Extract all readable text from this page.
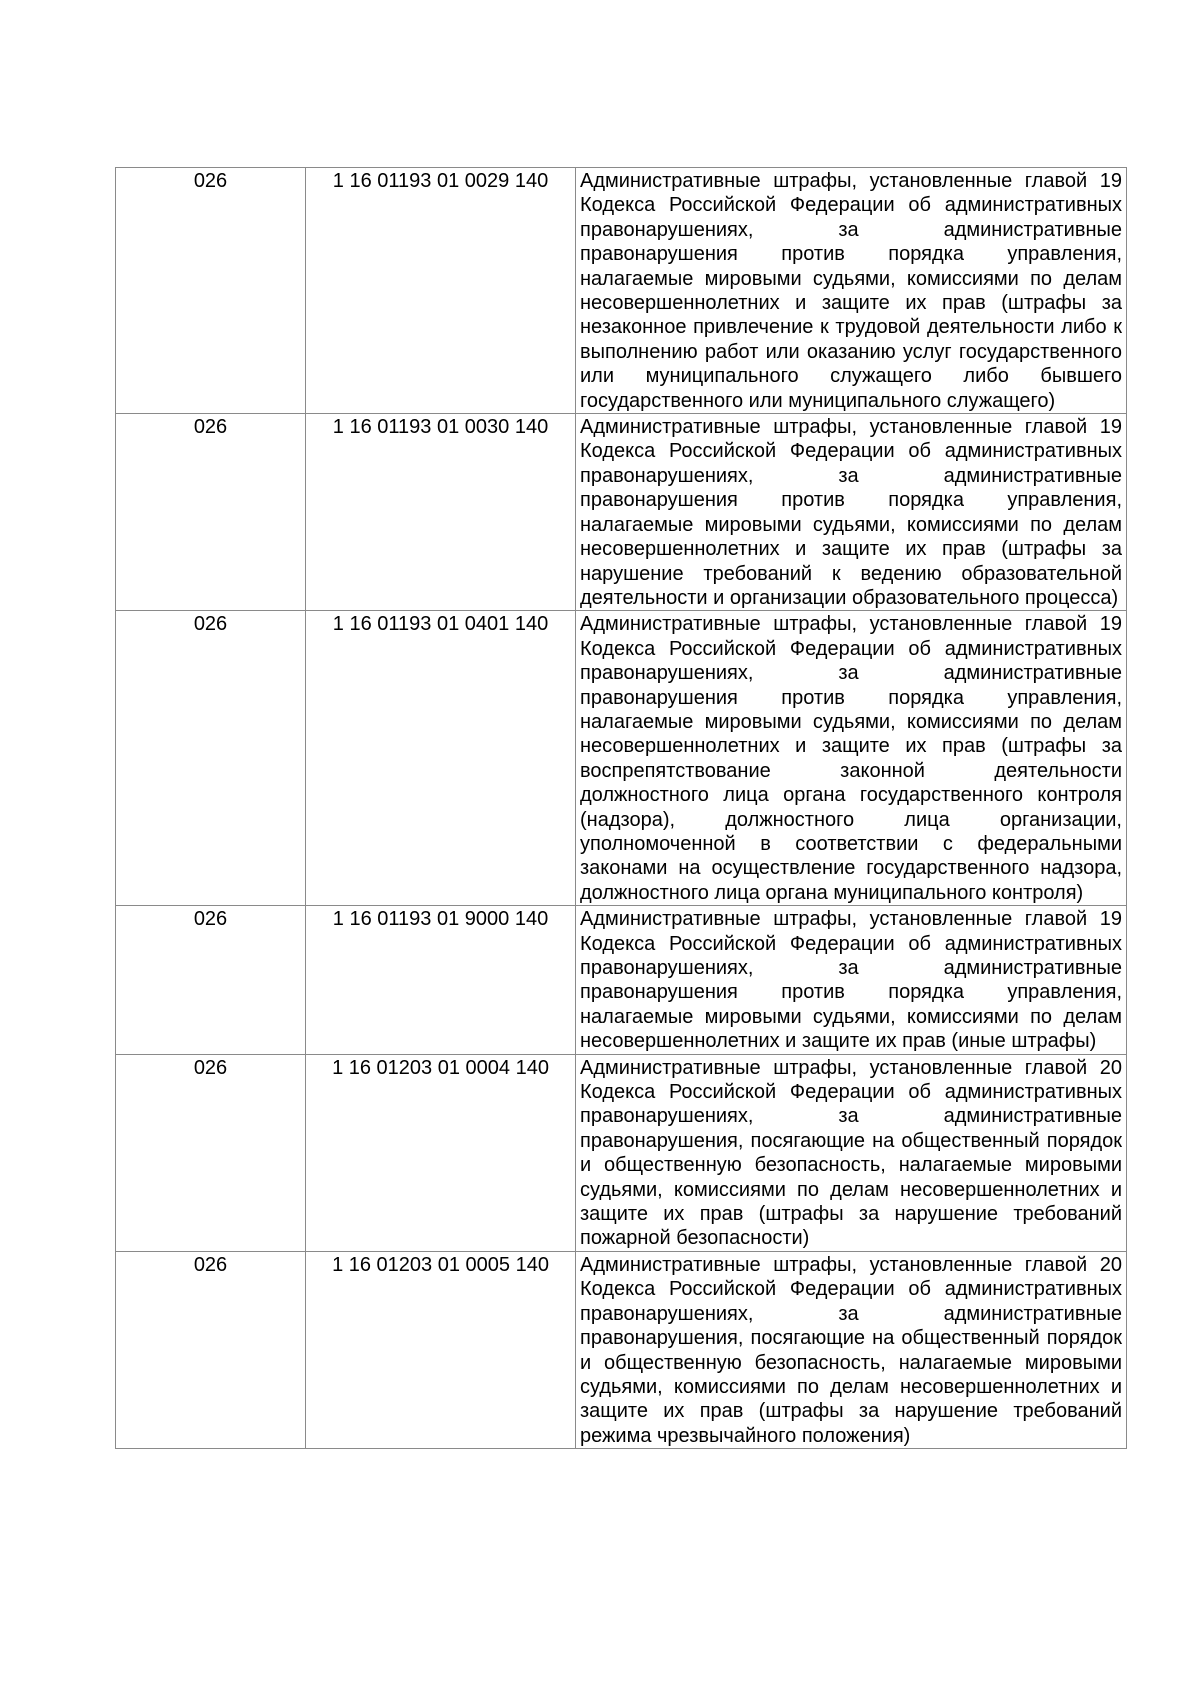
026	1 16 01193 01 0029 140	Административные штрафы, установленные главой 19 Кодекса Российской Федерации об административных правонарушениях, за административные правонарушения против порядка управления, налагаемые мировыми судьями, комиссиями по делам несовершеннолетних и защите их прав (штрафы за незаконное привлечение к трудовой деятельности либо к выполнению работ или оказанию услуг государственного или муниципального служащего либо бывшего государственного или муниципального служащего)

026	1 16 01193 01 0030 140	Административные штрафы, установленные главой 19 Кодекса Российской Федерации об административных правонарушениях, за административные правонарушения против порядка управления, налагаемые мировыми судьями, комиссиями по делам несовершеннолетних и защите их прав (штрафы за нарушение требований к ведению образовательной деятельности и организации образовательного процесса)

026	1 16 01193 01 0401 140	Административные штрафы, установленные главой 19 Кодекса Российской Федерации об административных правонарушениях, за административные правонарушения против порядка управления, налагаемые мировыми судьями, комиссиями по делам несовершеннолетних и защите их прав (штрафы за воспрепятствование законной деятельности должностного лица органа государственного контроля (надзора), должностного лица организации, уполномоченной в соответствии с федеральными законами на осуществление государственного надзора, должностного лица органа муниципального контроля)

026	1 16 01193 01 9000 140	Административные штрафы, установленные главой 19 Кодекса Российской Федерации об административных правонарушениях, за административные правонарушения против порядка управления, налагаемые мировыми судьями, комиссиями по делам несовершеннолетних и защите их прав (иные штрафы)

026	1 16 01203 01 0004 140	Административные штрафы, установленные главой 20 Кодекса Российской Федерации об административных правонарушениях, за административные правонарушения, посягающие на общественный порядок и общественную безопасность, налагаемые мировыми судьями, комиссиями по делам несовершеннолетних и защите их прав (штрафы за нарушение требований пожарной безопасности)

026	1 16 01203 01 0005 140	Административные штрафы, установленные главой 20 Кодекса Российской Федерации об административных правонарушениях, за административные правонарушения, посягающие на общественный порядок и общественную безопасность, налагаемые мировыми судьями, комиссиями по делам несовершеннолетних и защите их прав (штрафы за нарушение требований режима чрезвычайного положения)
